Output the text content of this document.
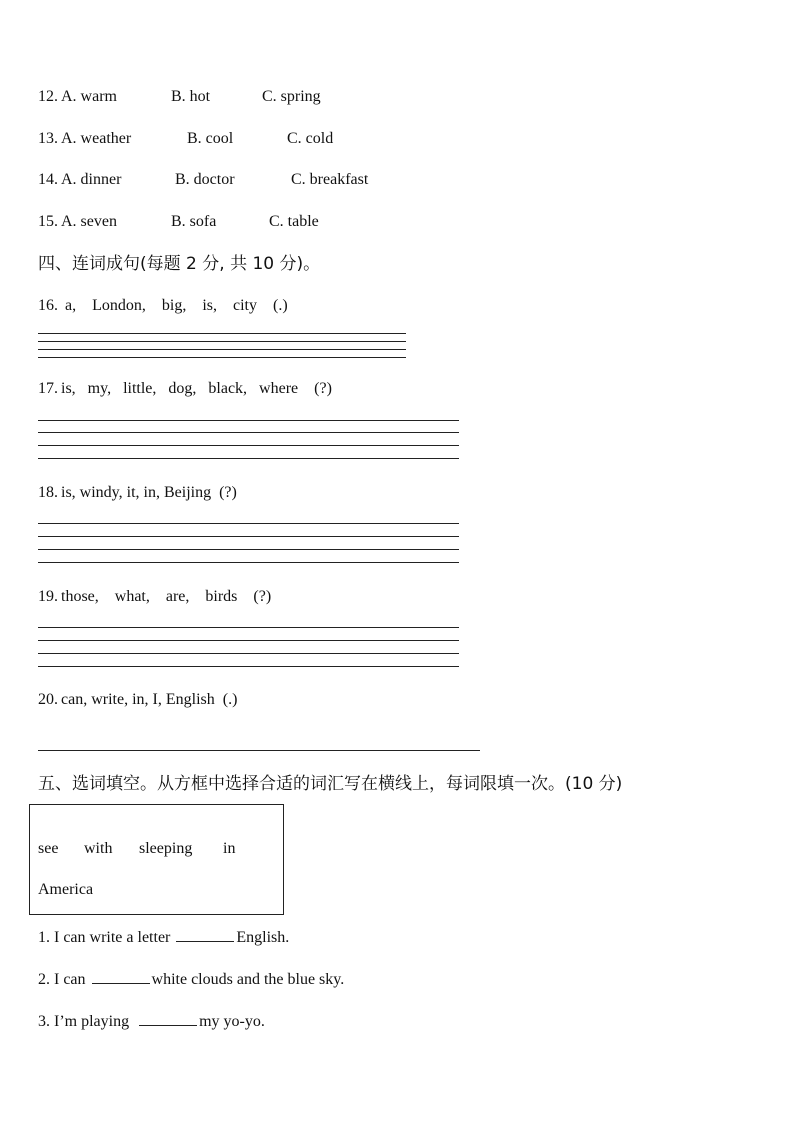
12. A. warm	B. hot	C. spring
13. A. weather	B. cool	C. cold
14. A. dinner	B. doctor	C. breakfast
15. A. seven	B. sofa	C. table
四、连词成句(每题 2 分, 共 10 分)。
16. a,    London,    big,    is,    city    (.)
17. is,   my,   little,   dog,   black,   where    (?)
18. is, windy, it, in, Beijing  (?)
19. those,    what,    are,    birds    (?)
20. can, write, in, I, English  (.)
五、选词填空。从方框中选择合适的词汇写在横线上，每词限填一次。(10 分)
see with sleeping in
America
1. I can write a letter	English.
2. I can	white clouds and the blue sky.
3. I’m playing	my yo-yo.
